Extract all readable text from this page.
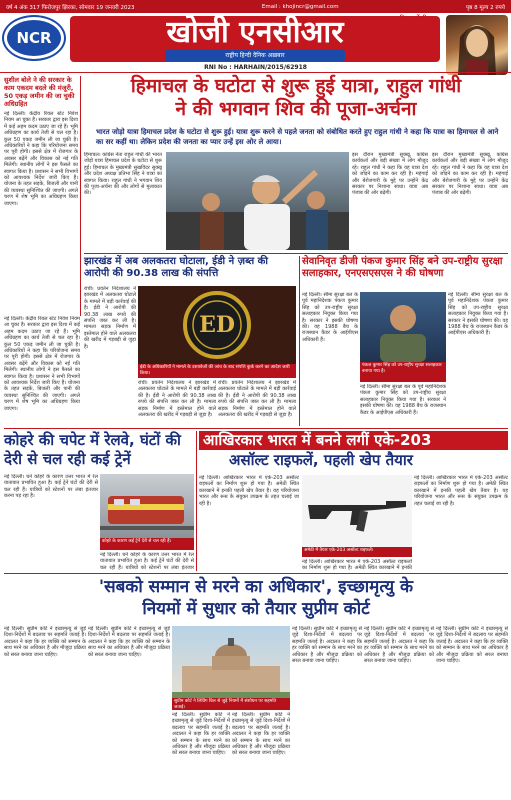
वर्ष 4 अंक 317 फिरोजपुर झिरका, सोमवार 19 जनवरी 2023	Email : khojincr@gmail.com	पृष्ठ 8 मूल्य 2 रुपये
NCR	खोजी एनसीआर
राष्ट्रीय हिन्दी दैनिक अख़बार
सफलताकिर सर्वोपरि
RNI No : HARHAIN/2015/62918
सुशील बोले ने की सरकार के काम एकदम बदले की मंजूरी, 50 एकड़ जमीन की जा चुकी अधिग्रहित
नई दिल्ली। केंद्रीय रियल स्टेट निवेश नियम आ चुका है। सरकार द्वारा इस दिशा में कई अहम कदम उठाए जा रहे हैं। भूमि अधिग्रहण का कार्य तेजी से चल रहा है। कुल 50 एकड़ जमीन ली जा चुकी है। अधिकारियों ने कहा कि परियोजना समय पर पूरी होगी। इससे क्षेत्र में रोजगार के अवसर बढ़ेंगे और विकास को नई गति मिलेगी। स्थानीय लोगों ने इस फैसले का स्वागत किया है। प्रशासन ने सभी विभागों को आवश्यक निर्देश जारी किए हैं। योजना के तहत सड़कें, बिजली और पानी की व्यवस्था सुनिश्चित की जाएगी। अगले चरण में शेष भूमि का अधिग्रहण किया जाएगा।
हिमाचल के घटोटा से शुरू हुई यात्रा, राहुल गांधी
ने की भगवान शिव की पूजा-अर्चना
भारत जोड़ो यात्रा हिमाचल प्रदेश के घटोटा से शुरू हुई। यात्रा शुरू करने से पहले जनता को संबोधित करते हुए राहुल गांधी ने कहा कि यात्रा का हिमाचल से आने का सर कहीं था। लेकिन प्रदेश की जनता का प्यार उन्हें इस ओर ले आया।
हिमाचल। कांग्रेस नेता राहुल गांधी की भारत जोड़ो यात्रा हिमाचल प्रदेश के घटोटा से शुरू हुई। हिमाचल के मुख्यमंत्री सुखविंदर सुक्खू और प्रदेश अध्यक्ष प्रतिभा सिंह ने यात्रा का स्वागत किया। राहुल गांधी ने भगवान शिव की पूजा-अर्चना की और लोगों से मुलाकात की।
इस दौरान मुख्यमंत्री सुक्खू, कांग्रेस कार्यकर्ता और बड़ी संख्या में लोग मौजूद रहे। राहुल गांधी ने कहा कि यह यात्रा देश को जोड़ने का काम कर रही है। महंगाई और बेरोजगारी के मुद्दे पर उन्होंने केंद्र सरकार पर निशाना साधा। यात्रा अब पंजाब की ओर बढ़ेगी।
इस दौरान मुख्यमंत्री सुक्खू, कांग्रेस कार्यकर्ता और बड़ी संख्या में लोग मौजूद रहे। राहुल गांधी ने कहा कि यह यात्रा देश को जोड़ने का काम कर रही है। महंगाई और बेरोजगारी के मुद्दे पर उन्होंने केंद्र सरकार पर निशाना साधा। यात्रा अब पंजाब की ओर बढ़ेगी।
झारखंड में अब अलकतरा घोटाला, ईडी ने ज़ब्त की आरोपी की 90.38 लाख की संपत्ति
रांची। प्रवर्तन निदेशालय ने झारखंड में अलकतरा घोटाले के मामले में बड़ी कार्रवाई की है। ईडी ने आरोपी की 90.38 लाख रुपये की संपत्ति जब्त कर ली है। मामला सड़क निर्माण में इस्तेमाल होने वाले अलकतरा की खरीद में गड़बड़ी से जुड़ा है।
ED
ईडी के अधिकारियों ने मामले के दस्तावेजों की जांच के बाद संपत्ति कुर्क करने का आदेश जारी किया।
रांची। प्रवर्तन निदेशालय ने झारखंड में अलकतरा घोटाले के मामले में बड़ी कार्रवाई की है। ईडी ने आरोपी की 90.38 लाख रुपये की संपत्ति जब्त कर ली है। मामला सड़क निर्माण में इस्तेमाल होने वाले अलकतरा की खरीद में गड़बड़ी से जुड़ा है।
रांची। प्रवर्तन निदेशालय ने झारखंड में अलकतरा घोटाले के मामले में बड़ी कार्रवाई की है। ईडी ने आरोपी की 90.38 लाख रुपये की संपत्ति जब्त कर ली है। मामला सड़क निर्माण में इस्तेमाल होने वाले अलकतरा की खरीद में गड़बड़ी से जुड़ा है।
नई दिल्ली। केंद्रीय रियल स्टेट निवेश नियम आ चुका है। सरकार द्वारा इस दिशा में कई अहम कदम उठाए जा रहे हैं। भूमि अधिग्रहण का कार्य तेजी से चल रहा है। कुल 50 एकड़ जमीन ली जा चुकी है। अधिकारियों ने कहा कि परियोजना समय पर पूरी होगी। इससे क्षेत्र में रोजगार के अवसर बढ़ेंगे और विकास को नई गति मिलेगी। स्थानीय लोगों ने इस फैसले का स्वागत किया है। प्रशासन ने सभी विभागों को आवश्यक निर्देश जारी किए हैं। योजना के तहत सड़कें, बिजली और पानी की व्यवस्था सुनिश्चित की जाएगी। अगले चरण में शेष भूमि का अधिग्रहण किया जाएगा।
सेवानिवृत डीजी पंकज कुमार सिंह बने उप-राष्ट्रीय सुरक्षा सलाहकार, एनएसएसएस ने की घोषणा
नई दिल्ली। सीमा सुरक्षा बल के पूर्व महानिदेशक पंकज कुमार सिंह को उप-राष्ट्रीय सुरक्षा सलाहकार नियुक्त किया गया है। सरकार ने इसकी घोषणा की। वह 1988 बैच के राजस्थान कैडर के आईपीएस अधिकारी हैं।
पंकज कुमार सिंह को उप-राष्ट्रीय सुरक्षा सलाहकार बनाया गया है।
नई दिल्ली। सीमा सुरक्षा बल के पूर्व महानिदेशक पंकज कुमार सिंह को उप-राष्ट्रीय सुरक्षा सलाहकार नियुक्त किया गया है। सरकार ने इसकी घोषणा की। वह 1988 बैच के राजस्थान कैडर के आईपीएस अधिकारी हैं।
नई दिल्ली। सीमा सुरक्षा बल के पूर्व महानिदेशक पंकज कुमार सिंह को उप-राष्ट्रीय सुरक्षा सलाहकार नियुक्त किया गया है। सरकार ने इसकी घोषणा की। वह 1988 बैच के राजस्थान कैडर के आईपीएस अधिकारी हैं।
कोहरे की चपेट में रेलवे, घंटों की
देरी से चल रही कई ट्रेनें
नई दिल्ली। घने कोहरे के कारण उत्तर भारत में रेल यातायात प्रभावित हुआ है। कई ट्रेनें घंटों की देरी से चल रही हैं। यात्रियों को स्टेशनों पर लंबा इंतजार करना पड़ रहा है।
कोहरे के कारण कई ट्रेनें देरी से चल रही हैं।
नई दिल्ली। घने कोहरे के कारण उत्तर भारत में रेल यातायात प्रभावित हुआ है। कई ट्रेनें घंटों की देरी से चल रही हैं। यात्रियों को स्टेशनों पर लंबा इंतजार
आखिरकार भारत में बनने लगीं एके-203
असॉल्ट राइफलें, पहली खेप तैयार
नई दिल्ली। आखिरकार भारत में एके-203 असॉल्ट राइफलों का निर्माण शुरू हो गया है। अमेठी स्थित कारखाने में इनकी पहली खेप तैयार है। यह परियोजना भारत और रूस के संयुक्त उपक्रम के तहत चलाई जा रही है।
अमेठी में तैयार एके-203 असॉल्ट राइफलें।
नई दिल्ली। आखिरकार भारत में एके-203 असॉल्ट राइफलों का निर्माण शुरू हो गया है। अमेठी स्थित कारखाने में इनकी पहली खेप तैयार है। यह परियोजना भारत और रूस के संयुक्त उपक्रम के तहत चलाई जा रही है।
नई दिल्ली। आखिरकार भारत में एके-203 असॉल्ट राइफलों का निर्माण शुरू हो गया है। अमेठी स्थित कारखाने में इनकी
'सबको सम्मान से मरने का अधिकार', इच्छामृत्यु के
नियमों में सुधार को तैयार सुप्रीम कोर्ट
नई दिल्ली। सुप्रीम कोर्ट ने इच्छामृत्यु से जुड़े दिशा-निर्देशों में बदलाव पर सहमति जताई है। अदालत ने कहा कि हर व्यक्ति को सम्मान के साथ मरने का अधिकार है और मौजूदा प्रक्रिया को सरल बनाया जाना चाहिए।
नई दिल्ली। सुप्रीम कोर्ट ने इच्छामृत्यु से जुड़े दिशा-निर्देशों में बदलाव पर सहमति जताई है। अदालत ने कहा कि हर व्यक्ति को सम्मान के साथ मरने का अधिकार है और मौजूदा प्रक्रिया को सरल बनाया जाना चाहिए।
सुप्रीम कोर्ट ने लिविंग विल से जुड़े नियमों में संशोधन पर सहमति जताई।
नई दिल्ली। सुप्रीम कोर्ट ने इच्छामृत्यु से जुड़े दिशा-निर्देशों में बदलाव पर सहमति जताई है। अदालत ने कहा कि हर व्यक्ति को सम्मान के साथ मरने का अधिकार है और मौजूदा प्रक्रिया को सरल बनाया जाना चाहिए।
नई दिल्ली। सुप्रीम कोर्ट ने इच्छामृत्यु से जुड़े दिशा-निर्देशों में बदलाव पर सहमति जताई है। अदालत ने कहा कि हर व्यक्ति को सम्मान के साथ मरने का अधिकार है और मौजूदा प्रक्रिया को सरल बनाया जाना चाहिए।
नई दिल्ली। सुप्रीम कोर्ट ने इच्छामृत्यु से जुड़े दिशा-निर्देशों में बदलाव पर सहमति जताई है। अदालत ने कहा कि हर व्यक्ति को सम्मान के साथ मरने का अधिकार है और मौजूदा प्रक्रिया को सरल बनाया जाना चाहिए।
नई दिल्ली। सुप्रीम कोर्ट ने इच्छामृत्यु से जुड़े दिशा-निर्देशों में बदलाव पर सहमति जताई है। अदालत ने कहा कि हर व्यक्ति को सम्मान के साथ मरने का अधिकार है और मौजूदा प्रक्रिया को सरल बनाया जाना चाहिए।
नई दिल्ली। सुप्रीम कोर्ट ने इच्छामृत्यु से जुड़े दिशा-निर्देशों में बदलाव पर सहमति जताई है। अदालत ने कहा कि हर व्यक्ति को सम्मान के साथ मरने का अधिकार है और मौजूदा प्रक्रिया को सरल बनाया जाना चाहिए।
